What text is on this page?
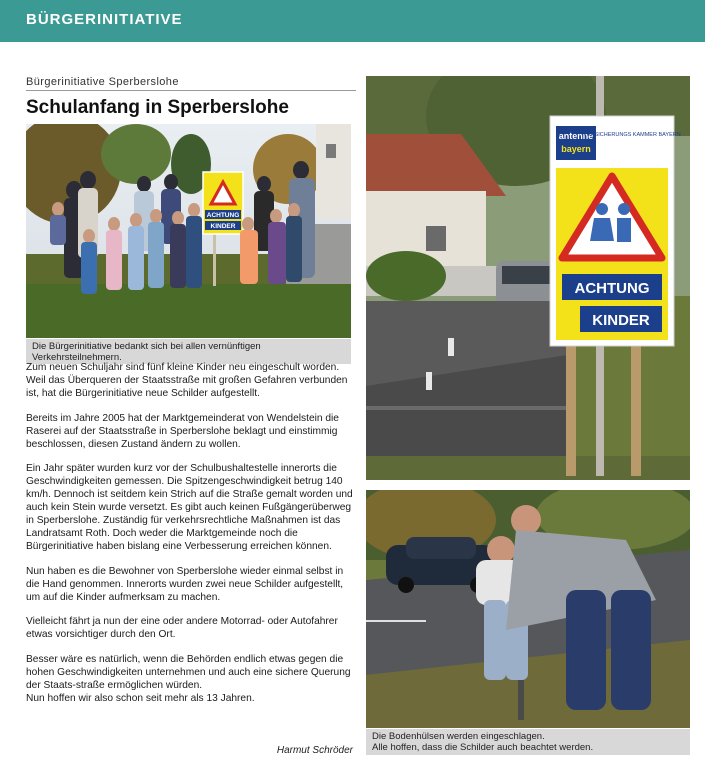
BÜRGERINITIATIVE
Bürgerinitiative Sperberslohe
Schulanfang in Sperberslohe
ACHTUNG
KINDER
Die Bürgerinitiative bedankt sich bei allen vernünftigen Verkehrsteilnehmern.

Zum neuen Schuljahr sind fünf kleine Kinder neu eingeschult worden. Weil das Überqueren der Staatsstraße mit großen Gefahren verbunden ist, hat die Bürgerinitiative neue Schilder aufgestellt.

Bereits im Jahre 2005 hat der Marktgemeinderat von Wendelstein die Raserei auf der Staatsstraße in Sperberslohe beklagt und einstimmig beschlossen, diesen Zustand ändern zu wollen.

Ein Jahr später wurden kurz vor der Schulbushaltestelle innerorts die Geschwindigkeiten gemessen. Die Spitzengeschwindigkeit betrug 140 km/h. Dennoch ist seitdem kein Strich auf die Straße gemalt worden und auch kein Stein wurde versetzt. Es gibt auch keinen Fußgängerüberweg in Sperberslohe. Zuständig für verkehrsrechtliche Maßnahmen ist das Landratsamt Roth. Doch weder die Marktgemeinde noch die Bürgerinitiative haben bislang eine Verbesserung erreichen können.

Nun haben es die Bewohner von Sperberslohe wieder einmal selbst in die Hand genommen. Innerorts wurden zwei neue Schilder aufgestellt, um auf die Kinder aufmerksam zu machen.

Vielleicht fährt ja nun der eine oder andere Motorrad- oder Autofahrer etwas vorsichtiger durch den Ort.

Besser wäre es natürlich, wenn die Behörden endlich etwas gegen die hohen Geschwindigkeiten unternehmen und auch eine sichere Querung der Staats-straße ermöglichen würden.
Nun hoffen wir also schon seit mehr als 13 Jahren.

Harmut Schröder
antenne
bayern
VERSICHERUNGS KAMMER BAYERN
ACHTUNG
KINDER
Die Bodenhülsen werden eingeschlagen.
Alle hoffen, dass die Schilder auch beachtet werden.
